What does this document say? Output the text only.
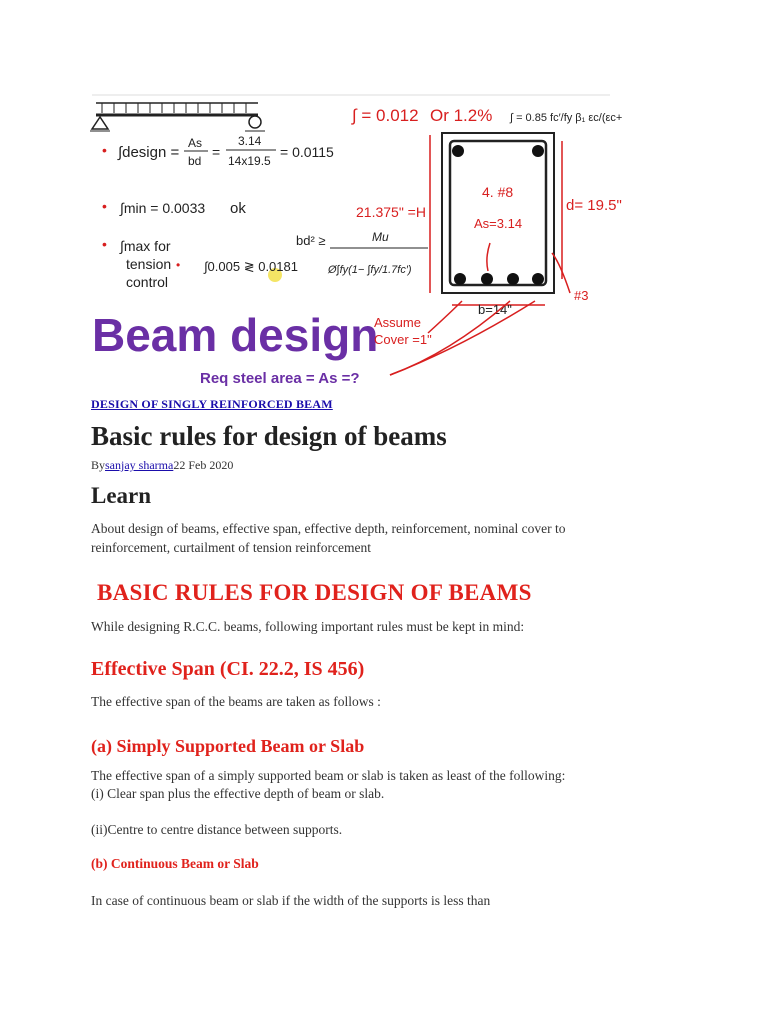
• ∫design =
As
bd
=
3.14
14x19.5
= 0.0115
• ∫min = 0.0033 ok
• ∫max for
tension
control
• ∫0.005 ≷ 0.0181
bd² ≥	Mu
Ø∫fy(1− ∫fy/1.7fc′)
∫ = 0.012 Or 1.2% ∫ = 0.85 fc′/fy β₁ εc/(εc+
21.375" =H
4. #8
As=3.14
d= 19.5"
b=14"
#3
Beam design
Assume
Cover =1"
Req steel area = As =?
DESIGN OF SINGLY REINFORCED BEAM
Basic rules for design of beams
Bysanjay sharma22 Feb 2020
Learn

About design of beams, effective span, effective depth, reinforcement, nominal cover to reinforcement, curtailment of tension reinforcement

BASIC RULES FOR DESIGN OF BEAMS

While designing R.C.C. beams, following important rules must be kept in mind:

Effective Span (CI. 22.2, IS 456)

The effective span of the beams are taken as follows :

(a) Simply Supported Beam or Slab

The effective span of a simply supported beam or slab is taken as least of the following:

(i) Clear span plus the effective depth of beam or slab.

(ii)Centre to centre distance between supports.

(b) Continuous Beam or Slab

In case of continuous beam or slab if the width of the supports is less than
